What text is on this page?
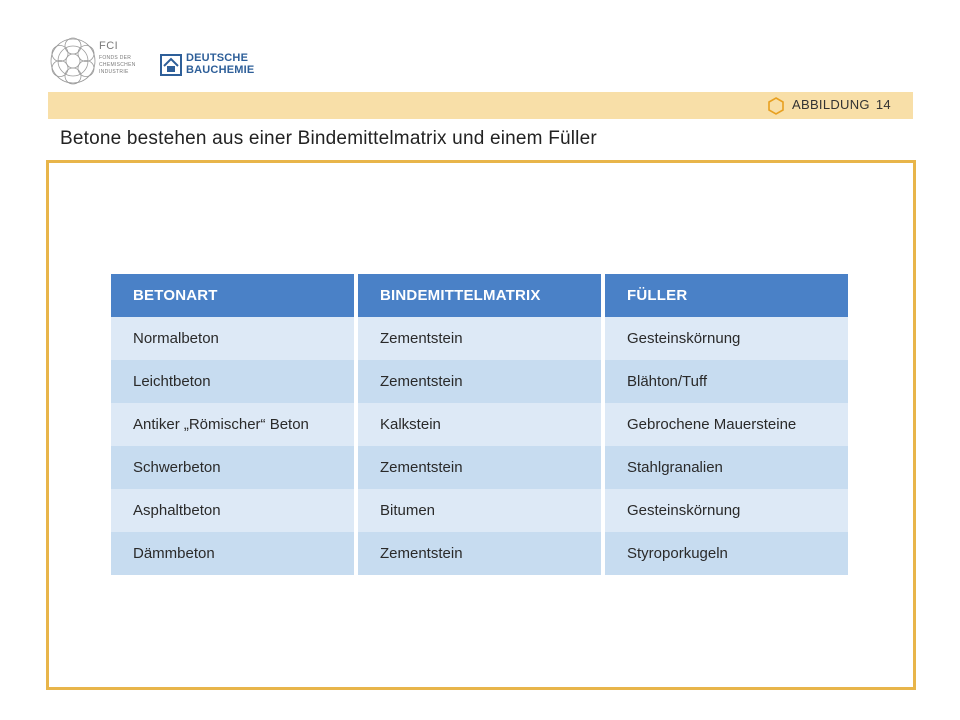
FCI
FONDS DER
CHEMISCHEN
INDUSTRIE
DEUTSCHE
BAUCHEMIE
ABBILDUNG 14
Betone bestehen aus einer Bindemittelmatrix und einem Füller
BETONART
Normalbeton
Leichtbeton
Antiker „Römischer“ Beton
Schwerbeton
Asphaltbeton
Dämmbeton
BINDEMITTELMATRIX
Zementstein
Zementstein
Kalkstein
Zementstein
Bitumen
Zementstein
FÜLLER
Gesteinskörnung
Blähton/Tuff
Gebrochene Mauersteine
Stahlgranalien
Gesteinskörnung
Styroporkugeln
